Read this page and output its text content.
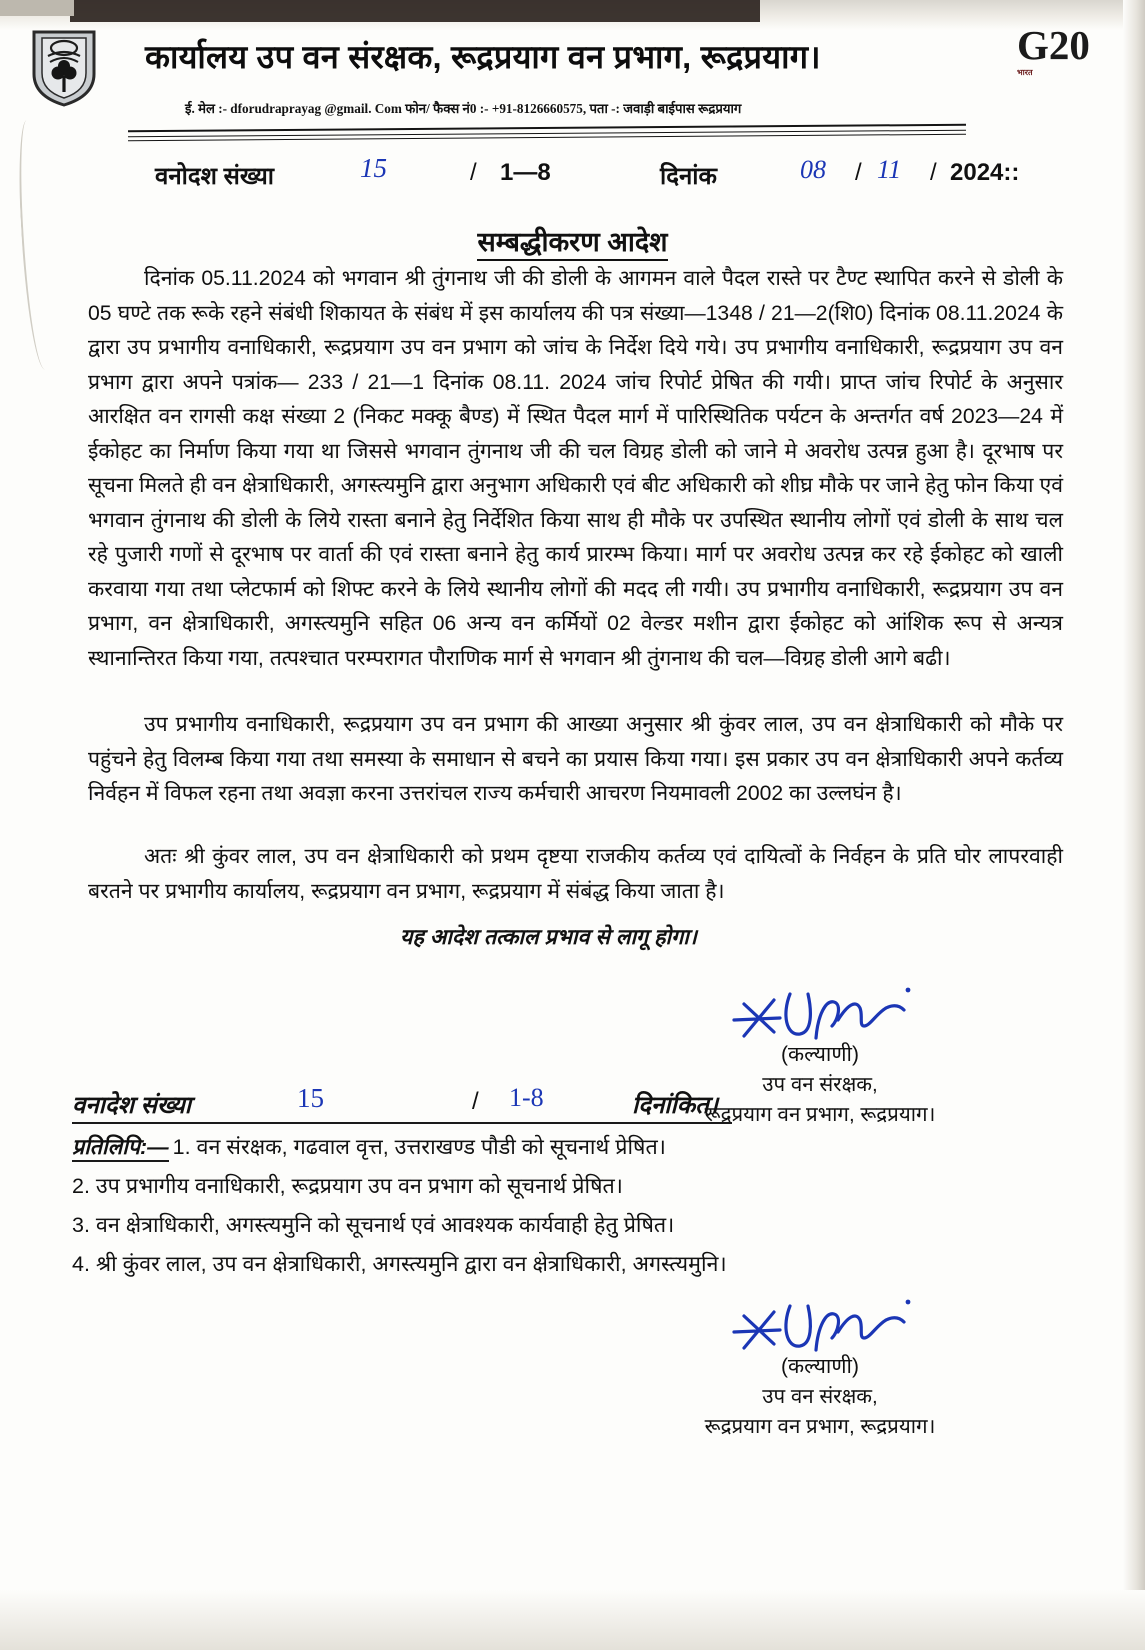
कार्यालय उप वन संरक्षक, रूद्रप्रयाग वन प्रभाग, रूद्रप्रयाग।
ई. मेल :- dforudraprayag @gmail. Com फोन/ फैक्स नं0 :- +91-8126660575, पता -: जवाड़ी बाईपास रूद्रप्रयाग
G20
भारत
वनोदश संख्या	15	/ 1—8	दिनांक	08 / 11 / 2024::
सम्बद्धीकरण आदेश

दिनांक 05.11.2024 को भगवान श्री तुंगनाथ जी की डोली के आगमन वाले पैदल रास्ते पर टैण्ट स्थापित करने से डोली के 05 घण्टे तक रूके रहने संबंधी शिकायत के संबंध में इस कार्यालय की पत्र संख्या—1348 / 21—2(शि0) दिनांक 08.11.2024 के द्वारा उप प्रभागीय वनाधिकारी, रूद्रप्रयाग उप वन प्रभाग को जांच के निर्देश दिये गये। उप प्रभागीय वनाधिकारी, रूद्रप्रयाग उप वन प्रभाग द्वारा अपने पत्रांक— 233 / 21—1 दिनांक 08.11. 2024 जांच रिपोर्ट प्रेषित की गयी। प्राप्त जांच रिपोर्ट के अनुसार आरक्षित वन रागसी कक्ष संख्या 2 (निकट मक्कू बैण्ड) में स्थित पैदल मार्ग में पारिस्थितिक पर्यटन के अन्तर्गत वर्ष 2023—24 में ईकोहट का निर्माण किया गया था जिससे भगवान तुंगनाथ जी की चल विग्रह डोली को जाने मे अवरोध उत्पन्न हुआ है। दूरभाष पर सूचना मिलते ही वन क्षेत्राधिकारी, अगस्त्यमुनि द्वारा अनुभाग अधिकारी एवं बीट अधिकारी को शीघ्र मौके पर जाने हेतु फोन किया एवं भगवान तुंगनाथ की डोली के लिये रास्ता बनाने हेतु निर्देशित किया साथ ही मौके पर उपस्थित स्थानीय लोगों एवं डोली के साथ चल रहे पुजारी गणों से दूरभाष पर वार्ता की एवं रास्ता बनाने हेतु कार्य प्रारम्भ किया। मार्ग पर अवरोध उत्पन्न कर रहे ईकोहट को खाली करवाया गया तथा प्लेटफार्म को शिफ्ट करने के लिये स्थानीय लोगों की मदद ली गयी। उप प्रभागीय वनाधिकारी, रूद्रप्रयाग उप वन प्रभाग, वन क्षेत्राधिकारी, अगस्त्यमुनि सहित 06 अन्य वन कर्मियों 02 वेल्डर मशीन द्वारा ईकोहट को आंशिक रूप से अन्यत्र स्थानान्तिरत किया गया, तत्पश्चात परम्परागत पौराणिक मार्ग से भगवान श्री तुंगनाथ की चल—विग्रह डोली आगे बढी।

उप प्रभागीय वनाधिकारी, रूद्रप्रयाग उप वन प्रभाग की आख्या अनुसार श्री कुंवर लाल, उप वन क्षेत्राधिकारी को मौके पर पहुंचने हेतु विलम्ब किया गया तथा समस्या के समाधान से बचने का प्रयास किया गया। इस प्रकार उप वन क्षेत्राधिकारी अपने कर्तव्य निर्वहन में विफल रहना तथा अवज्ञा करना उत्तरांचल राज्य कर्मचारी आचरण नियमावली 2002 का उल्लघंन है।

अतः श्री कुंवर लाल, उप वन क्षेत्राधिकारी को प्रथम दृष्टया राजकीय कर्तव्य एवं दायित्वों के निर्वहन के प्रति घोर लापरवाही बरतने पर प्रभागीय कार्यालय, रूद्रप्रयाग वन प्रभाग, रूद्रप्रयाग में संबंद्ध किया जाता है।

यह आदेश तत्काल प्रभाव से लागू होगा।
(कल्याणी)
उप वन संरक्षक,
रूद्रप्रयाग वन प्रभाग, रूद्रप्रयाग।
वनादेश संख्या	15	/ 1-8	दिनांकित।
प्रतिलिपि:— 1. वन संरक्षक, गढवाल वृत्त, उत्तराखण्ड पौडी को सूचनार्थ प्रेषित।
2. उप प्रभागीय वनाधिकारी, रूद्रप्रयाग उप वन प्रभाग को सूचनार्थ प्रेषित।
3. वन क्षेत्राधिकारी, अगस्त्यमुनि को सूचनार्थ एवं आवश्यक कार्यवाही हेतु प्रेषित।
4. श्री कुंवर लाल, उप वन क्षेत्राधिकारी, अगस्त्यमुनि द्वारा वन क्षेत्राधिकारी, अगस्त्यमुनि।
(कल्याणी)
उप वन संरक्षक,
रूद्रप्रयाग वन प्रभाग, रूद्रप्रयाग।
